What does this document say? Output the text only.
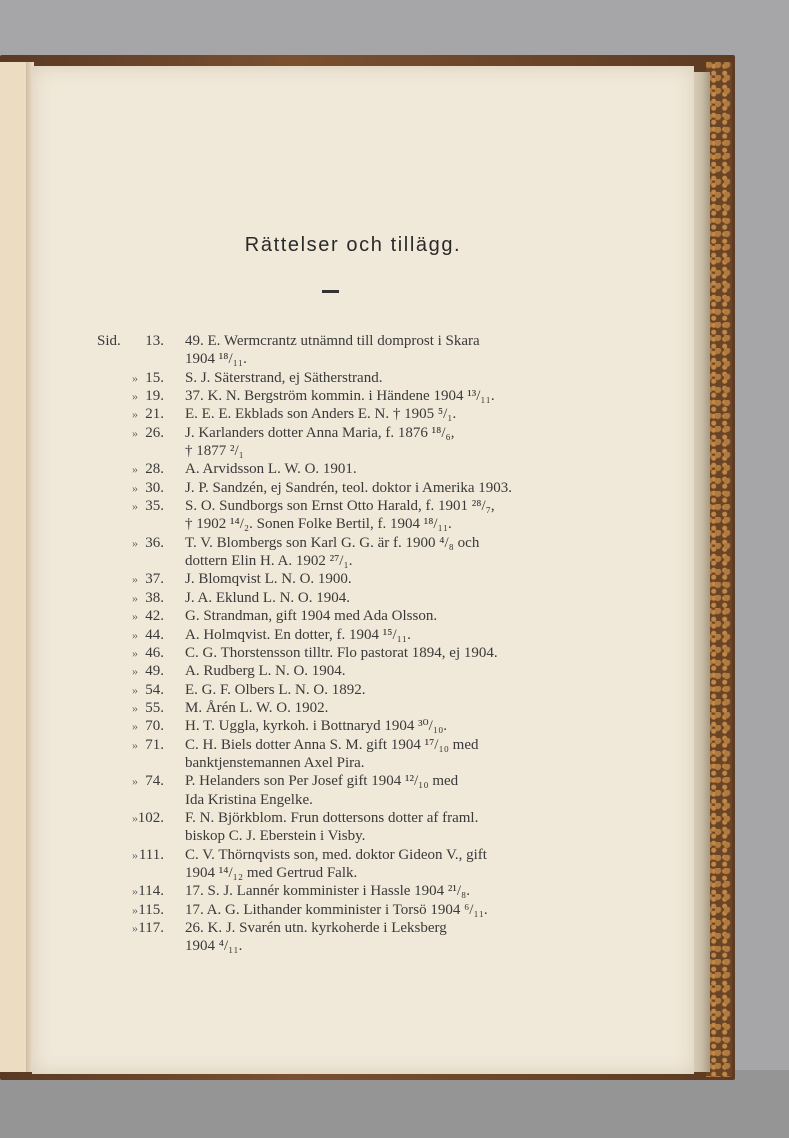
Rättelser och tillägg.
Sid.	13. 49. E. Wermcrantz utnämnd till domprost i Skara
1904 ¹⁸/₁₁.
» 15. S. J. Säterstrand, ej Sätherstrand.
» 19. 37. K. N. Bergström kommin. i Händene 1904 ¹³/₁₁.
» 21. E. E. E. Ekblads son Anders E. N. † 1905 ⁵/₁.
» 26. J. Karlanders dotter Anna Maria, f. 1876 ¹⁸/₆,
† 1877 ²/₁
» 28. A. Arvidsson L. W. O. 1901.
» 30. J. P. Sandzén, ej Sandrén, teol. doktor i Amerika 1903.
» 35. S. O. Sundborgs son Ernst Otto Harald, f. 1901 ²⁸/₇,
† 1902 ¹⁴/₂. Sonen Folke Bertil, f. 1904 ¹⁸/₁₁.
» 36. T. V. Blombergs son Karl G. G. är f. 1900 ⁴/₈ och
dottern Elin H. A. 1902 ²⁷/₁.
» 37. J. Blomqvist L. N. O. 1900.
» 38. J. A. Eklund L. N. O. 1904.
» 42. G. Strandman, gift 1904 med Ada Olsson.
» 44. A. Holmqvist. En dotter, f. 1904 ¹⁵/₁₁.
» 46. C. G. Thorstensson tilltr. Flo pastorat 1894, ej 1904.
» 49. A. Rudberg L. N. O. 1904.
» 54. E. G. F. Olbers L. N. O. 1892.
» 55. M. Årén L. W. O. 1902.
» 70. H. T. Uggla, kyrkoh. i Bottnaryd 1904 ³⁰/₁₀.
» 71. C. H. Biels dotter Anna S. M. gift 1904 ¹⁷/₁₀ med
banktjenstemannen Axel Pira.
» 74. P. Helanders son Per Josef gift 1904 ¹²/₁₀ med
Ida Kristina Engelke.
» 102. F. N. Björkblom. Frun dottersons dotter af framl.
biskop C. J. Eberstein i Visby.
» 111. C. V. Thörnqvists son, med. doktor Gideon V., gift
1904 ¹⁴/₁₂ med Gertrud Falk.
» 114. 17. S. J. Lannér komminister i Hassle 1904 ²¹/₈.
» 115. 17. A. G. Lithander komminister i Torsö 1904 ⁶/₁₁.
» 117. 26. K. J. Svarén utn. kyrkoherde i Leksberg
1904 ⁴/₁₁.
